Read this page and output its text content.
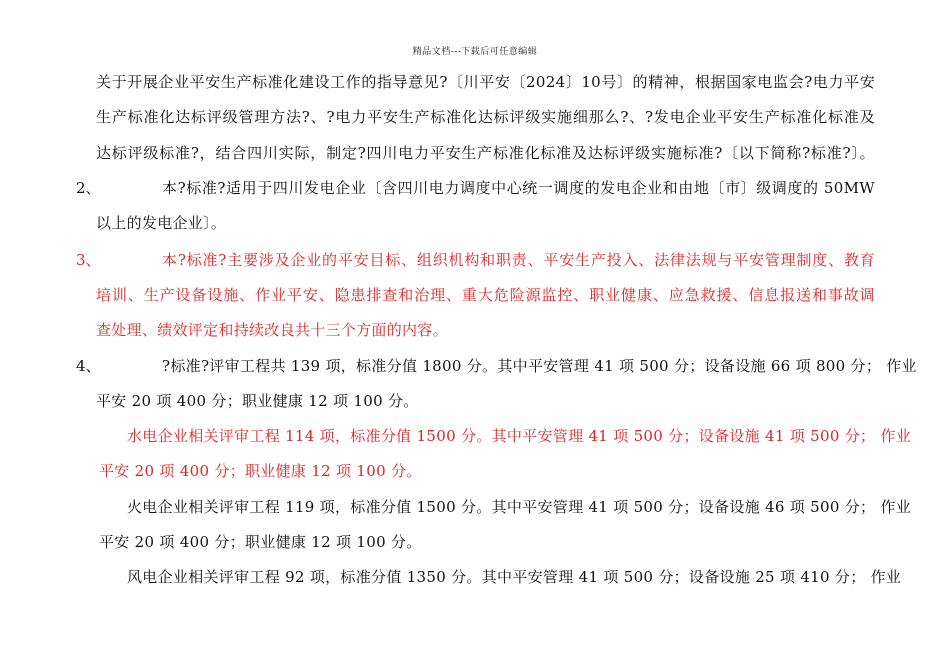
精品文档---下载后可任意编辑
关于开展企业平安生产标准化建设工作的指导意见?〔川平安〔2024〕10号〕的精神，根据国家电监会?电力平安
生产标准化达标评级管理方法?、?电力平安生产标准化达标评级实施细那么?、?发电企业平安生产标准化标准及
达标评级标准?，结合四川实际，制定?四川电力平安生产标准化标准及达标评级实施标准?〔以下简称?标准?〕。
2、	本?标准?适用于四川发电企业〔含四川电力调度中心统一调度的发电企业和由地〔市〕级调度的 50MW
以上的发电企业〕。
3、	本?标准?主要涉及企业的平安目标、组织机构和职责、平安生产投入、法律法规与平安管理制度、教育
培训、生产设备设施、作业平安、隐患排查和治理、重大危险源监控、职业健康、应急救援、信息报送和事故调
查处理、绩效评定和持续改良共十三个方面的内容。
4、	?标准?评审工程共 139 项，标准分值 1800 分。其中平安管理 41 项 500 分；设备设施 66 项 800 分； 作业
平安 20 项 400 分；职业健康 12 项 100 分。
水电企业相关评审工程 114 项，标准分值 1500 分。其中平安管理 41 项 500 分；设备设施 41 项 500 分； 作业
平安 20 项 400 分；职业健康 12 项 100 分。
火电企业相关评审工程 119 项，标准分值 1500 分。其中平安管理 41 项 500 分；设备设施 46 项 500 分； 作业
平安 20 项 400 分；职业健康 12 项 100 分。
风电企业相关评审工程 92 项，标准分值 1350 分。其中平安管理 41 项 500 分；设备设施 25 项 410 分； 作业
